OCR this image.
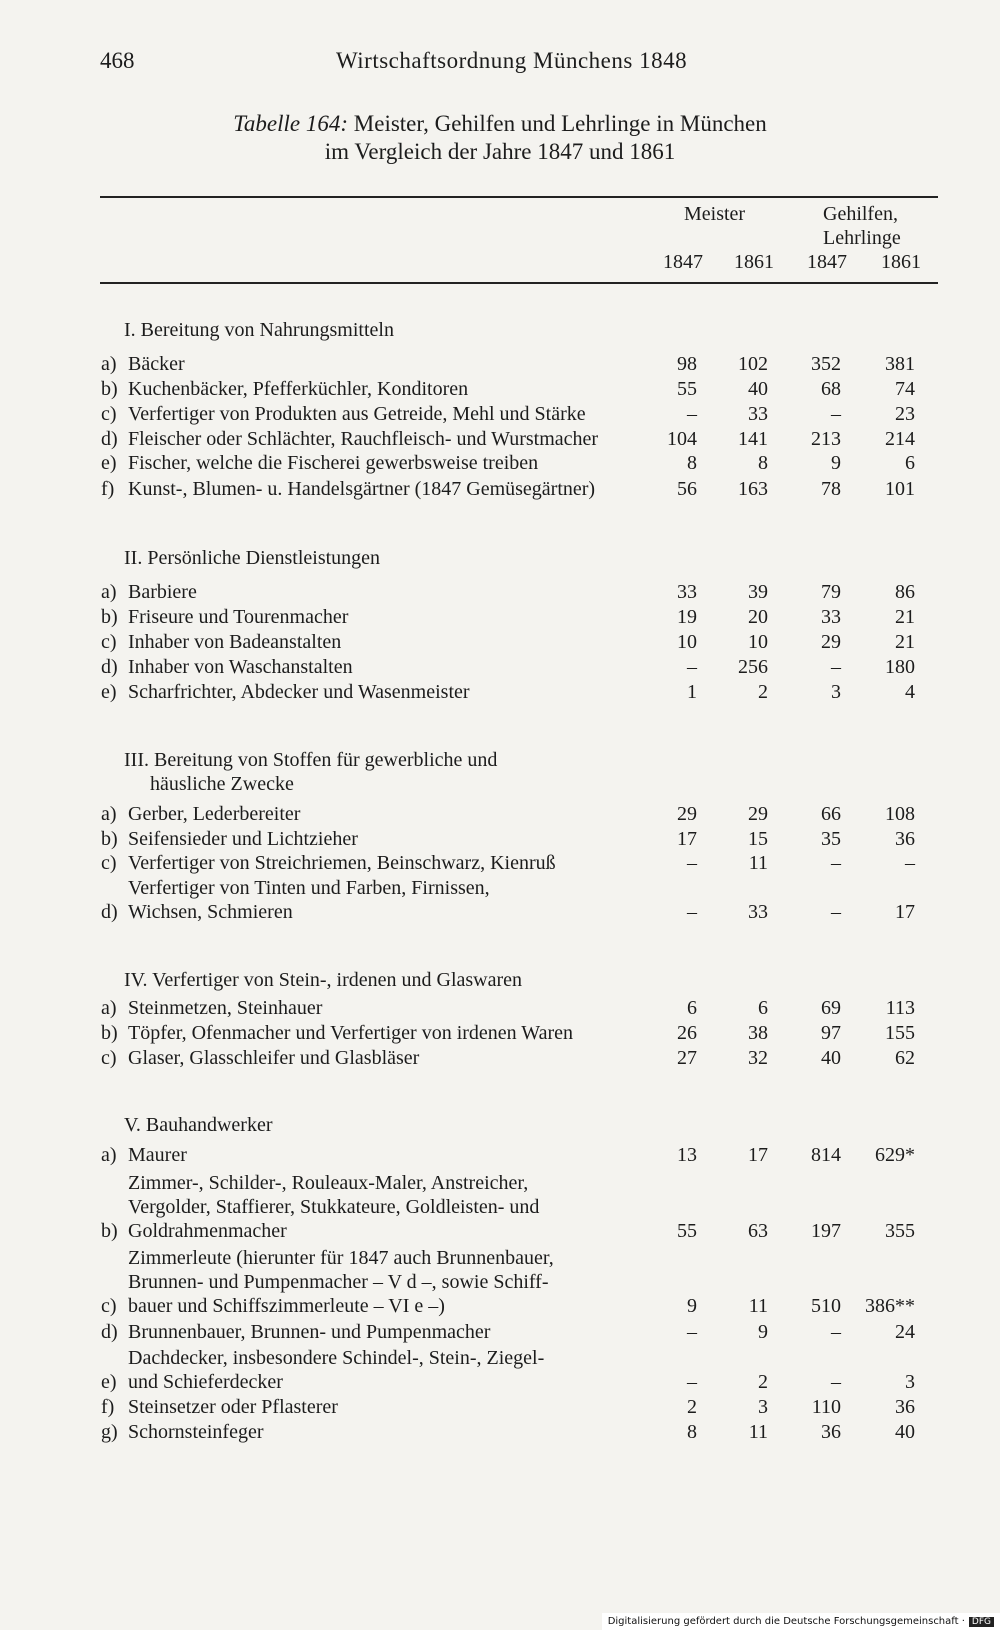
468	Wirtschaftsordnung Münchens 1848
Tabelle 164: Meister, Gehilfen und Lehrlinge in München
im Vergleich der Jahre 1847 und 1861
Meister	Gehilfen,
Lehrlinge
1847 1861 1847 1861
I. Bereitung von Nahrungsmitteln
a) Bäcker	98	102	352	381
b) Kuchenbäcker, Pfefferküchler, Konditoren	55	40	68	74
c) Verfertiger von Produkten aus Getreide, Mehl und Stärke	–	33	–	23
d) Fleischer oder Schlächter, Rauchfleisch- und Wurstmacher	104	141	213	214
e) Fischer, welche die Fischerei gewerbsweise treiben	8	8	9	6
f) Kunst-, Blumen- u. Handelsgärtner (1847 Gemüsegärtner)	56	163	78	101
II. Persönliche Dienstleistungen
a) Barbiere	33	39	79	86
b) Friseure und Tourenmacher	19	20	33	21
c) Inhaber von Badeanstalten	10	10	29	21
d) Inhaber von Waschanstalten	–	256	–	180
e) Scharfrichter, Abdecker und Wasenmeister	1	2	3	4
III. Bereitung von Stoffen für gewerbliche und
häusliche Zwecke
a) Gerber, Lederbereiter	29	29	66	108
b) Seifensieder und Lichtzieher	17	15	35	36
c) Verfertiger von Streichriemen, Beinschwarz, Kienruß	–	11	–	–
d)
Verfertiger von Tinten und Farben, Firnissen,
Wichsen, Schmieren	–	33	–	17
IV. Verfertiger von Stein-, irdenen und Glaswaren
a) Steinmetzen, Steinhauer	6	6	69	113
b) Töpfer, Ofenmacher und Verfertiger von irdenen Waren	26	38	97	155
c) Glaser, Glasschleifer und Glasbläser	27	32	40	62
V. Bauhandwerker
a) Maurer	13	17	814	629*
b)
Zimmer-, Schilder-, Rouleaux-Maler, Anstreicher,
Vergolder, Staffierer, Stukkateure, Goldleisten- und
Goldrahmenmacher	55	63	197	355
c)
Zimmerleute (hierunter für 1847 auch Brunnenbauer,
Brunnen- und Pumpenmacher – V d –, sowie Schiff-
bauer und Schiffszimmerleute – VI e –)	9	11	510	386**
d) Brunnenbauer, Brunnen- und Pumpenmacher	–	9	–	24
e)
Dachdecker, insbesondere Schindel-, Stein-, Ziegel-
und Schieferdecker	–	2	–	3
f) Steinsetzer oder Pflasterer	2	3	110	36
g) Schornsteinfeger	8	11	36	40
Digitalisierung gefördert durch die Deutsche Forschungsgemeinschaft · DFG
